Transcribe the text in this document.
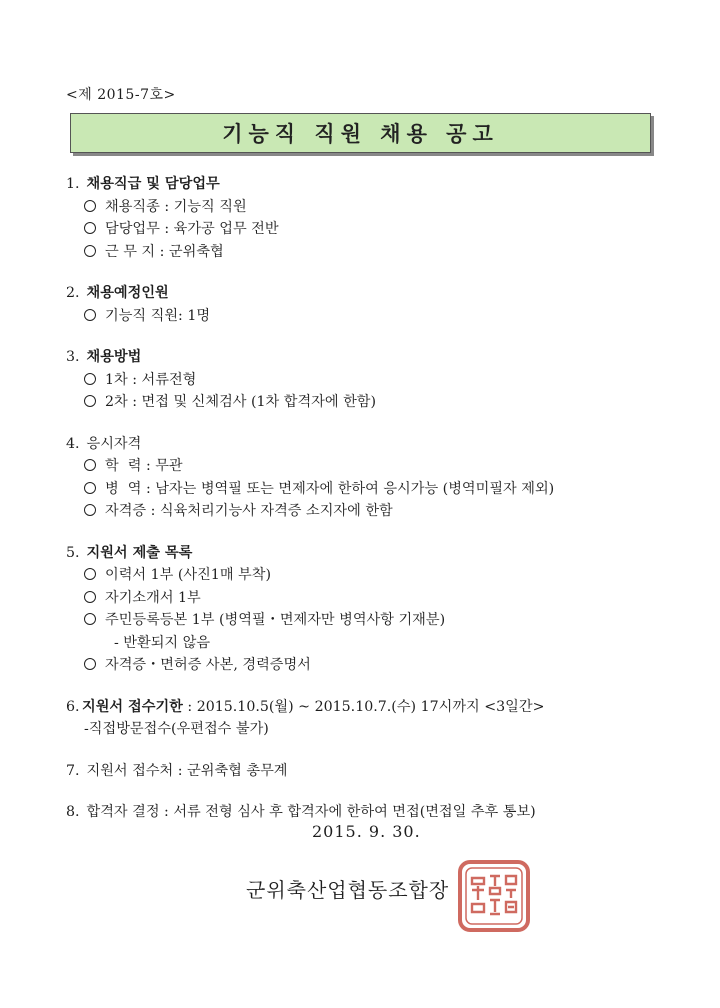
<제 2015-7호>
기능직 직원 채용 공고
1. 채용직급 및 담당업무
채용직종 : 기능직 직원
담당업무 : 육가공 업무 전반
근 무 지 : 군위축협
2. 채용예정인원
기능직 직원: 1명
3. 채용방법
1차 : 서류전형
2차 : 면접 및 신체검사 (1차 합격자에 한함)
4. 응시자격
학  력 : 무관
병  역 : 남자는 병역필 또는 면제자에 한하여 응시가능 (병역미필자 제외)
자격증 : 식육처리기능사 자격증 소지자에 한함
5. 지원서 제출 목록
이력서 1부 (사진1매 부착)
자기소개서 1부
주민등록등본 1부 (병역필・면제자만 병역사항 기재분)
- 반환되지 않음
자격증・면허증 사본, 경력증명서
6. 지원서 접수기한 : 2015.10.5(월) ~ 2015.10.7.(수) 17시까지 <3일간>
-직접방문접수(우편접수 불가)
7. 지원서 접수처 : 군위축협 총무계
8. 합격자 결정 : 서류 전형 심사 후 합격자에 한하여 면접(면접일 추후 통보)
2015. 9. 30.
군위축산업협동조합장
